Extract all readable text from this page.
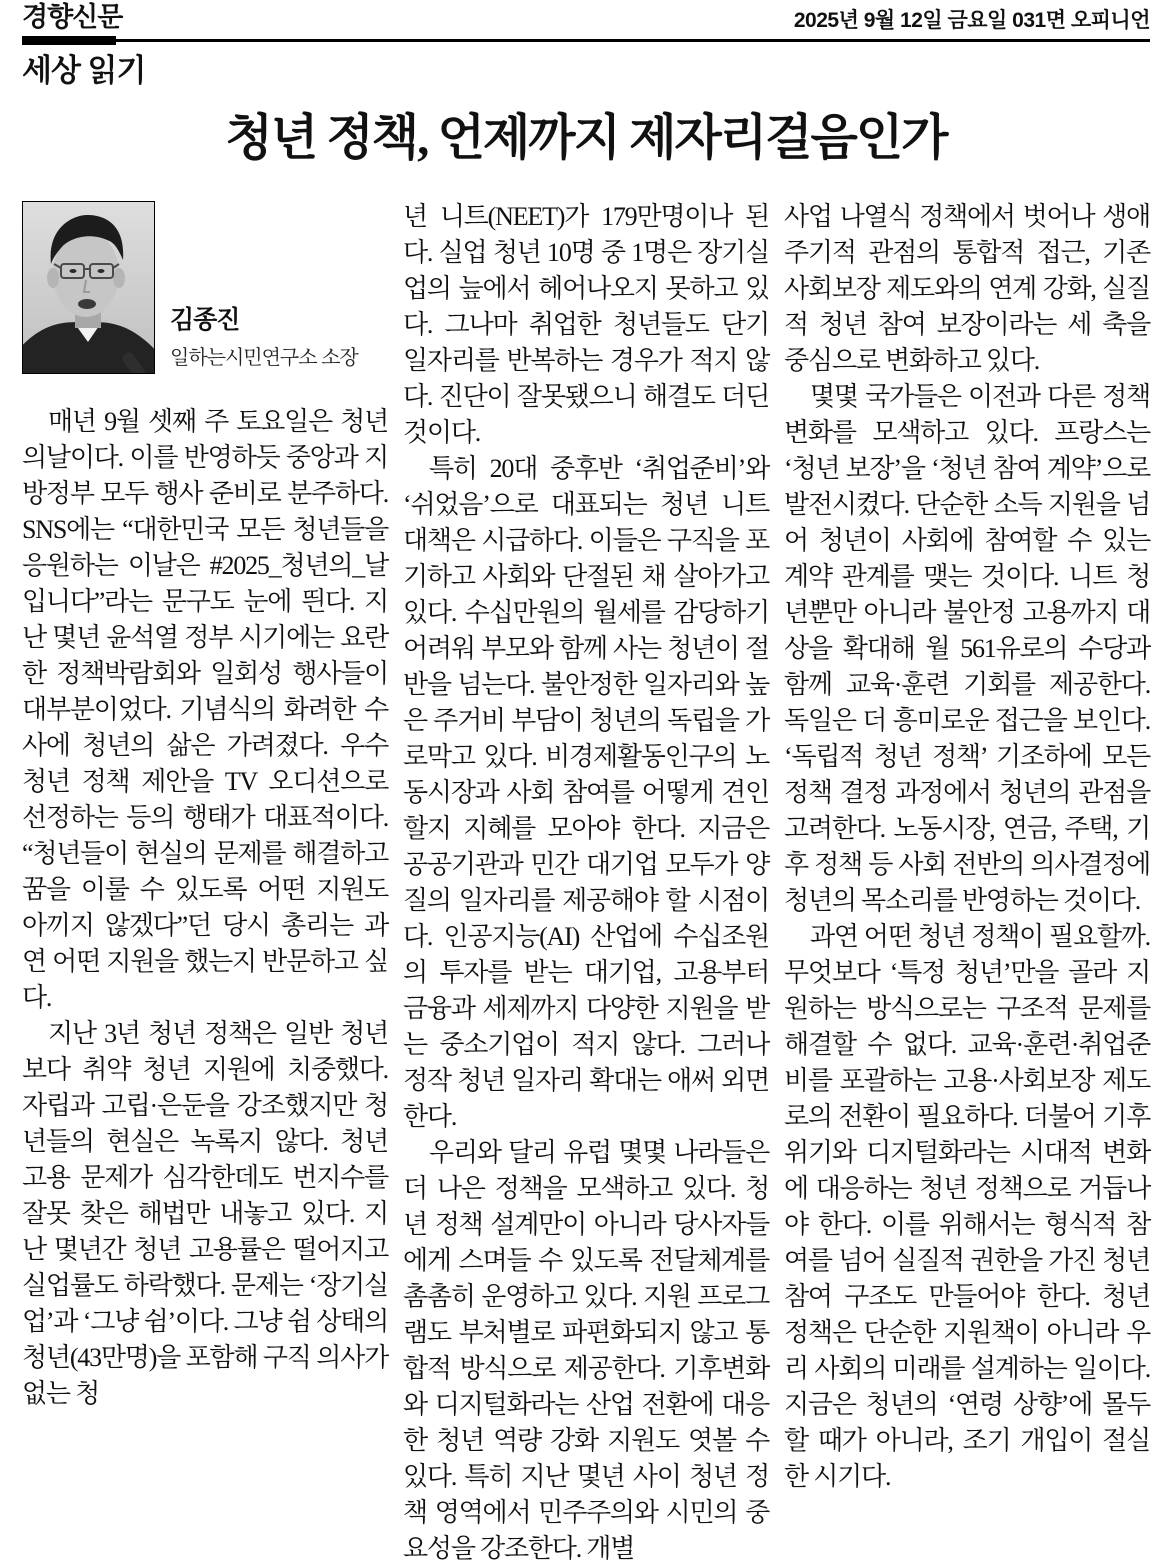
경향신문	2025년 9월 12일 금요일 031면 오피니언
세상 읽기
청년 정책, 언제까지 제자리걸음인가
김종진
일하는시민연구소 소장

매년 9월 셋째 주 토요일은 청년의날이다. 이를 반영하듯 중앙과 지방정부 모두 행사 준비로 분주하다. SNS에는 “대한민국 모든 청년들을 응원하는 이날은 #2025_청년의_날입니다”라는 문구도 눈에 띈다. 지난 몇년 윤석열 정부 시기에는 요란한 정책박람회와 일회성 행사들이 대부분이었다. 기념식의 화려한 수사에 청년의 삶은 가려졌다. 우수 청년 정책 제안을 TV 오디션으로 선정하는 등의 행태가 대표적이다. “청년들이 현실의 문제를 해결하고 꿈을 이룰 수 있도록 어떤 지원도 아끼지 않겠다”던 당시 총리는 과연 어떤 지원을 했는지 반문하고 싶다.

지난 3년 청년 정책은 일반 청년보다 취약 청년 지원에 치중했다. 자립과 고립·은둔을 강조했지만 청년들의 현실은 녹록지 않다. 청년 고용 문제가 심각한데도 번지수를 잘못 찾은 해법만 내놓고 있다. 지난 몇년간 청년 고용률은 떨어지고 실업률도 하락했다. 문제는 ‘장기실업’과 ‘그냥 쉼’이다. 그냥 쉼 상태의 청년(43만명)을 포함해 구직 의사가 없는 청

년 니트(NEET)가 179만명이나 된다. 실업 청년 10명 중 1명은 장기실업의 늪에서 헤어나오지 못하고 있다. 그나마 취업한 청년들도 단기 일자리를 반복하는 경우가 적지 않다. 진단이 잘못됐으니 해결도 더딘 것이다.

특히 20대 중후반 ‘취업준비’와 ‘쉬었음’으로 대표되는 청년 니트 대책은 시급하다. 이들은 구직을 포기하고 사회와 단절된 채 살아가고 있다. 수십만원의 월세를 감당하기 어려워 부모와 함께 사는 청년이 절반을 넘는다. 불안정한 일자리와 높은 주거비 부담이 청년의 독립을 가로막고 있다. 비경제활동인구의 노동시장과 사회 참여를 어떻게 견인할지 지혜를 모아야 한다. 지금은 공공기관과 민간 대기업 모두가 양질의 일자리를 제공해야 할 시점이다. 인공지능(AI) 산업에 수십조원의 투자를 받는 대기업, 고용부터 금융과 세제까지 다양한 지원을 받는 중소기업이 적지 않다. 그러나 정작 청년 일자리 확대는 애써 외면한다.

우리와 달리 유럽 몇몇 나라들은 더 나은 정책을 모색하고 있다. 청년 정책 설계만이 아니라 당사자들에게 스며들 수 있도록 전달체계를 촘촘히 운영하고 있다. 지원 프로그램도 부처별로 파편화되지 않고 통합적 방식으로 제공한다. 기후변화와 디지털화라는 산업 전환에 대응한 청년 역량 강화 지원도 엿볼 수 있다. 특히 지난 몇년 사이 청년 정책 영역에서 민주주의와 시민의 중요성을 강조한다. 개별

사업 나열식 정책에서 벗어나 생애주기적 관점의 통합적 접근, 기존 사회보장 제도와의 연계 강화, 실질적 청년 참여 보장이라는 세 축을 중심으로 변화하고 있다.

몇몇 국가들은 이전과 다른 정책 변화를 모색하고 있다. 프랑스는 ‘청년 보장’을 ‘청년 참여 계약’으로 발전시켰다. 단순한 소득 지원을 넘어 청년이 사회에 참여할 수 있는 계약 관계를 맺는 것이다. 니트 청년뿐만 아니라 불안정 고용까지 대상을 확대해 월 561유로의 수당과 함께 교육·훈련 기회를 제공한다. 독일은 더 흥미로운 접근을 보인다. ‘독립적 청년 정책’ 기조하에 모든 정책 결정 과정에서 청년의 관점을 고려한다. 노동시장, 연금, 주택, 기후 정책 등 사회 전반의 의사결정에 청년의 목소리를 반영하는 것이다.

과연 어떤 청년 정책이 필요할까. 무엇보다 ‘특정 청년’만을 골라 지원하는 방식으로는 구조적 문제를 해결할 수 없다. 교육·훈련·취업준비를 포괄하는 고용·사회보장 제도로의 전환이 필요하다. 더불어 기후위기와 디지털화라는 시대적 변화에 대응하는 청년 정책으로 거듭나야 한다. 이를 위해서는 형식적 참여를 넘어 실질적 권한을 가진 청년 참여 구조도 만들어야 한다. 청년 정책은 단순한 지원책이 아니라 우리 사회의 미래를 설계하는 일이다. 지금은 청년의 ‘연령 상향’에 몰두할 때가 아니라, 조기 개입이 절실한 시기다.
